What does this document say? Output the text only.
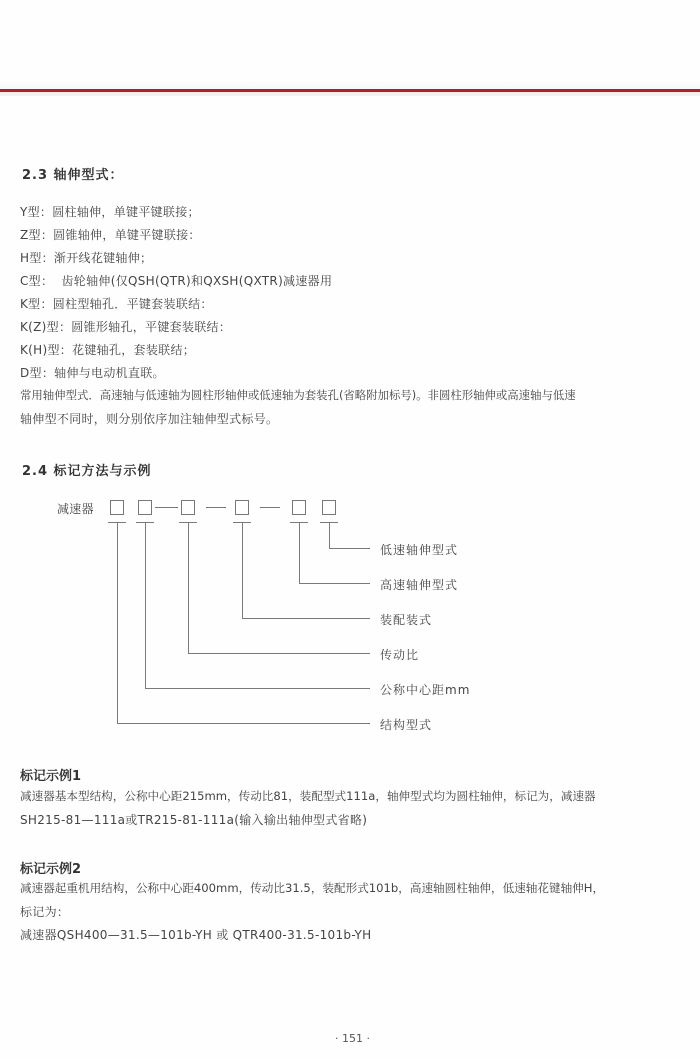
2.3 轴伸型式：
Y型：圆柱轴伸，单键平键联接；
Z型：圆锥轴伸，单键平键联接：
H型：渐开线花键轴伸；
C型：  齿轮轴伸(仅QSH(QTR)和QXSH(QXTR)减速器用
K型：圆柱型轴孔．平键套装联结：
K(Z)型：圆锥形轴孔，平键套装联结：
K(H)型：花键轴孔，套装联结；
D型：轴伸与电动机直联。
常用轴伸型式．高速轴与低速轴为圆柱形轴伸或低速轴为套装孔(省略附加标号)。非圆柱形轴伸或高速轴与低速
轴伸型不同时，则分别依序加注轴伸型式标号。
2.4 标记方法与示例
减速器
低速轴伸型式
高速轴伸型式
装配装式
传动比
公称中心距mm
结构型式
标记示例1
减速器基本型结构，公称中心距215mm，传动比81，装配型式111a，轴伸型式均为圆柱轴伸，标记为，减速器
SH215-81—111a或TR215-81-111a(输入输出轴伸型式省略)
标记示例2
减速器起重机用结构，公称中心距400mm，传动比31.5，装配形式101b，高速轴圆柱轴伸，低速轴花键轴伸H，
标记为：
减速器QSH400—31.5—101b-YH 或 QTR400-31.5-101b-YH
· 151 ·
